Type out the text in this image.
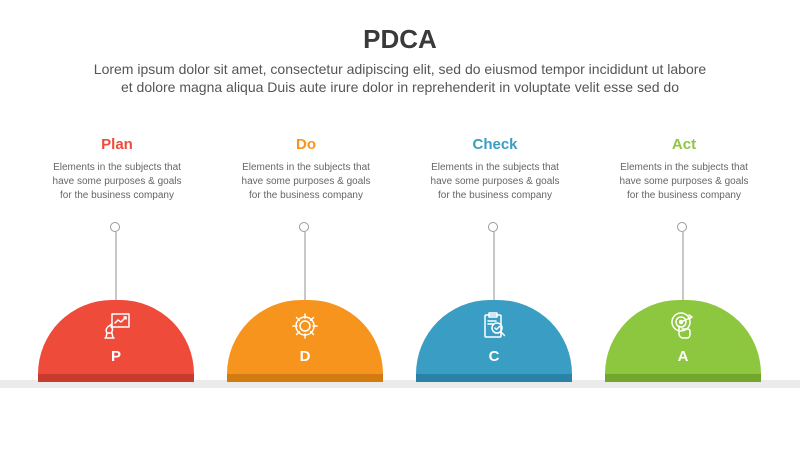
PDCA
Lorem ipsum dolor sit amet, consectetur adipiscing elit, sed do eiusmod tempor incididunt ut labore
et dolore magna aliqua Duis aute irure dolor in reprehenderit in voluptate velit esse sed do
Plan
Elements in the subjects that
have some purposes & goals
for the business company
Do
Elements in the subjects that
have some purposes & goals
for the business company
Check
Elements in the subjects that
have some purposes & goals
for the business company
Act
Elements in the subjects that
have some purposes & goals
for the business company
P	D	C	A
